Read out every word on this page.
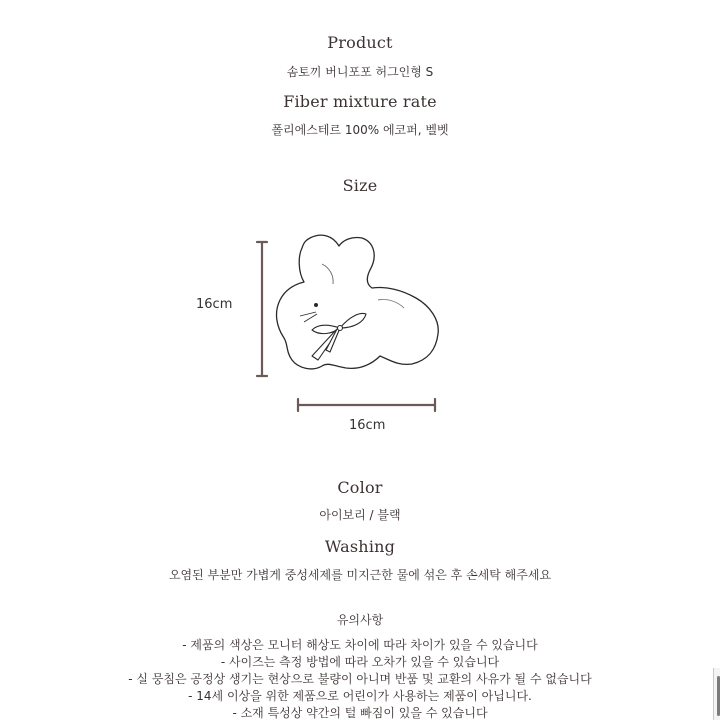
Product
솜토끼 버니포포 허그인형 S
Fiber mixture rate
폴리에스테르 100% 에코퍼, 벨벳
Size
16cm
16cm
Color
아이보리 / 블랙
Washing
오염된 부분만 가볍게 중성세제를 미지근한 물에 섞은 후 손세탁 해주세요
유의사항
- 제품의 색상은 모니터 해상도 차이에 따라 차이가 있을 수 있습니다
- 사이즈는 측정 방법에 따라 오차가 있을 수 있습니다
- 실 뭉침은 공정상 생기는 현상으로 불량이 아니며 반품 및 교환의 사유가 될 수 없습니다
- 14세 이상을 위한 제품으로 어린이가 사용하는 제품이 아닙니다.
- 소재 특성상 약간의 털 빠짐이 있을 수 있습니다
